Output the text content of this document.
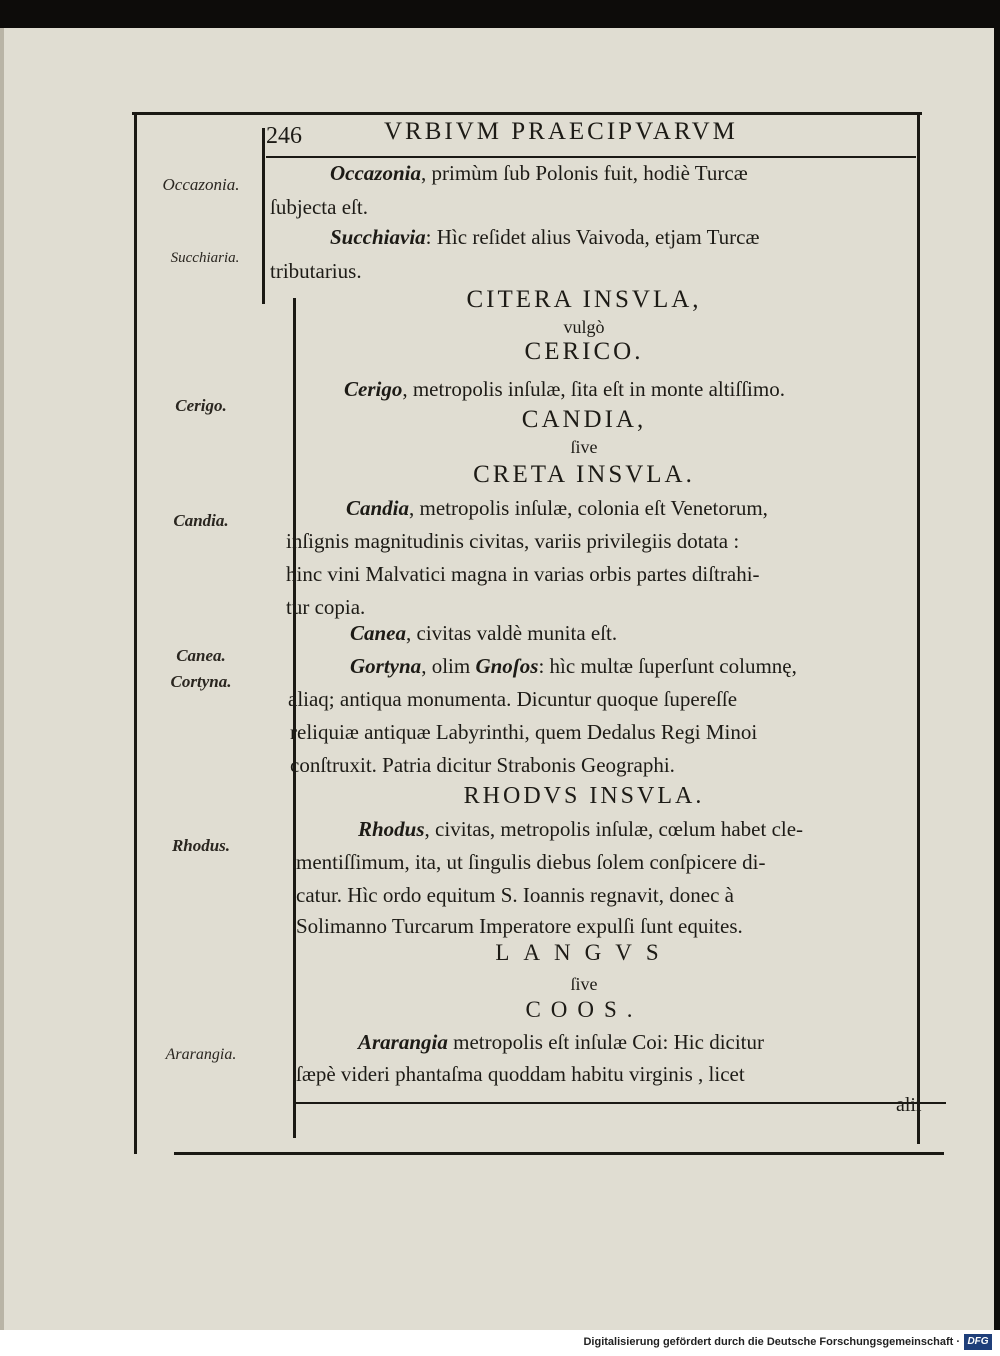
246	VRBIVM PRAECIPVARVM

Occazonia.

Succhiaria.

Cerigo.

Candia.

Canea.

Cortyna.

Rhodus.

Ararangia.

Occazonia, primùm ſub Polonis fuit, hodiè Turcæ

ſubjecta eſt.

Succhiavia: Hìc reſidet alius Vaivoda, etjam Turcæ

tributarius.

CITERA INSVLA,

vulgò

CERICO.

Cerigo, metropolis inſulæ, ſita eſt in monte altiſſimo.

CANDIA,

ſive

CRETA INSVLA.

Candia, metropolis inſulæ, colonia eſt Venetorum,

inſignis magnitudinis civitas, variis privilegiis dotata :

hinc vini Malvatici magna in varias orbis partes diſtrahi-

tur copia.

Canea, civitas valdè munita eſt.

Gortyna, olim Gnoſos: hìc multæ ſuperſunt columnę,

aliaq; antiqua monumenta. Dicuntur quoque ſupereſſe

reliquiæ antiquæ Labyrinthi, quem Dedalus Regi Minoi

conſtruxit. Patria dicitur Strabonis Geographi.

RHODVS INSVLA.

Rhodus, civitas, metropolis inſulæ, cœlum habet cle-

mentiſſimum, ita, ut ſingulis diebus ſolem conſpicere di-

catur. Hìc ordo equitum S. Ioannis regnavit, donec à

Solimanno Turcarum Imperatore expulſi ſunt equites.

LANGVS

ſive

COOS.

Ararangia metropolis eſt inſulæ Coi: Hic dicitur

ſæpè videri phantaſma quoddam habitu virginis , licet

alii

Digitalisierung gefördert durch die Deutsche Forschungsgemeinschaft · DFG
